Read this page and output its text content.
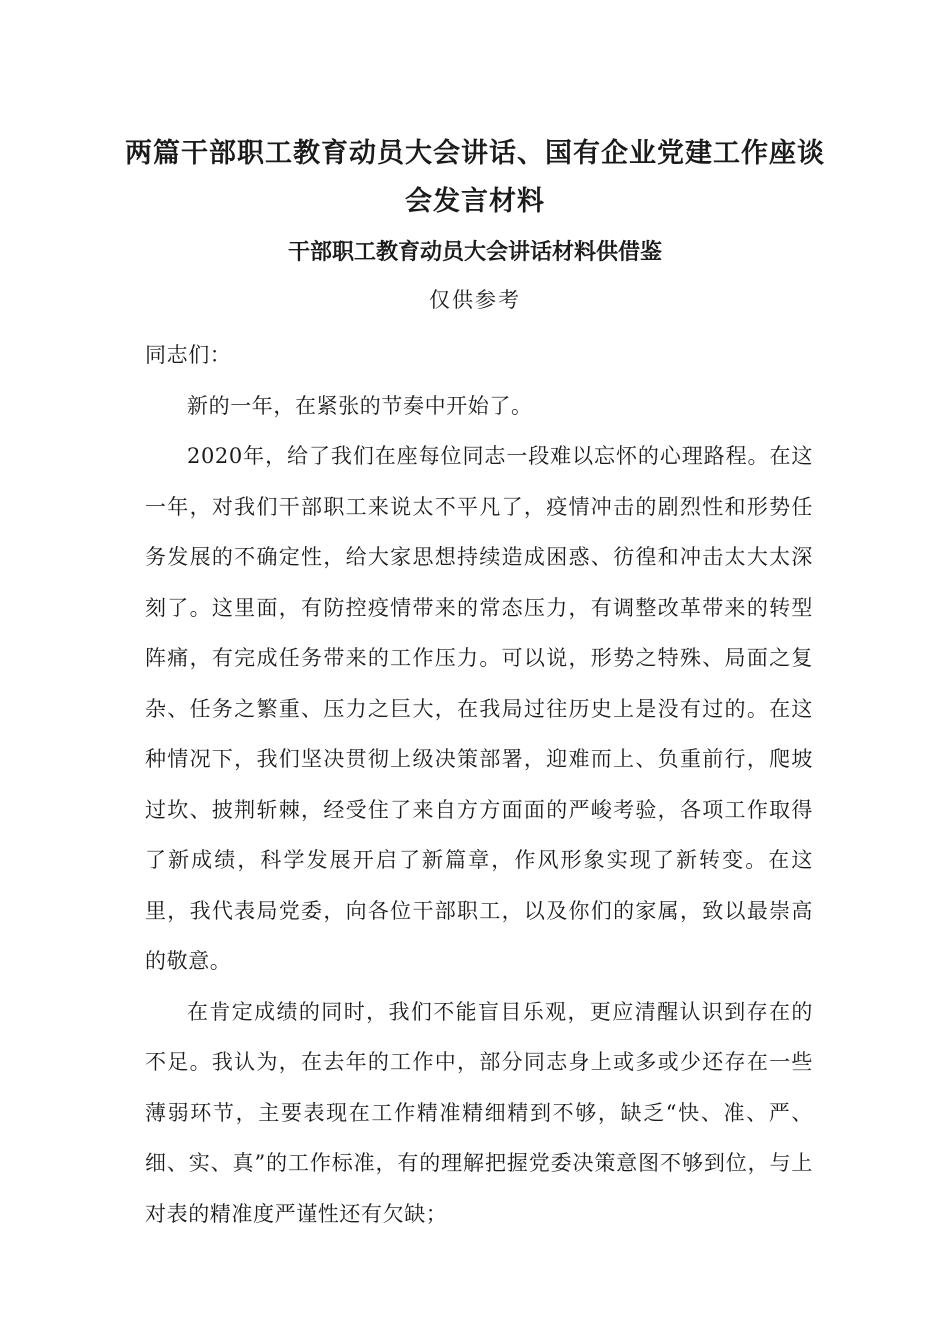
两篇干部职工教育动员大会讲话、国有企业党建工作座谈会发言材料
干部职工教育动员大会讲话材料供借鉴

仅供参考

同志们：

新的一年，在紧张的节奏中开始了。

2020年，给了我们在座每位同志一段难以忘怀的心理路程。在这一年，对我们干部职工来说太不平凡了，疫情冲击的剧烈性和形势任务发展的不确定性，给大家思想持续造成困惑、彷徨和冲击太大太深刻了。这里面，有防控疫情带来的常态压力，有调整改革带来的转型阵痛，有完成任务带来的工作压力。可以说，形势之特殊、局面之复杂、任务之繁重、压力之巨大，在我局过往历史上是没有过的。在这种情况下，我们坚决贯彻上级决策部署，迎难而上、负重前行，爬坡过坎、披荆斩棘，经受住了来自方方面面的严峻考验，各项工作取得了新成绩，科学发展开启了新篇章，作风形象实现了新转变。在这里，我代表局党委，向各位干部职工，以及你们的家属，致以最崇高的敬意。

在肯定成绩的同时，我们不能盲目乐观，更应清醒认识到存在的不足。我认为，在去年的工作中，部分同志身上或多或少还存在一些薄弱环节，主要表现在工作精准精细精到不够，缺乏“快、准、严、细、实、真”的工作标准，有的理解把握党委决策意图不够到位，与上对表的精准度严谨性还有欠缺；
